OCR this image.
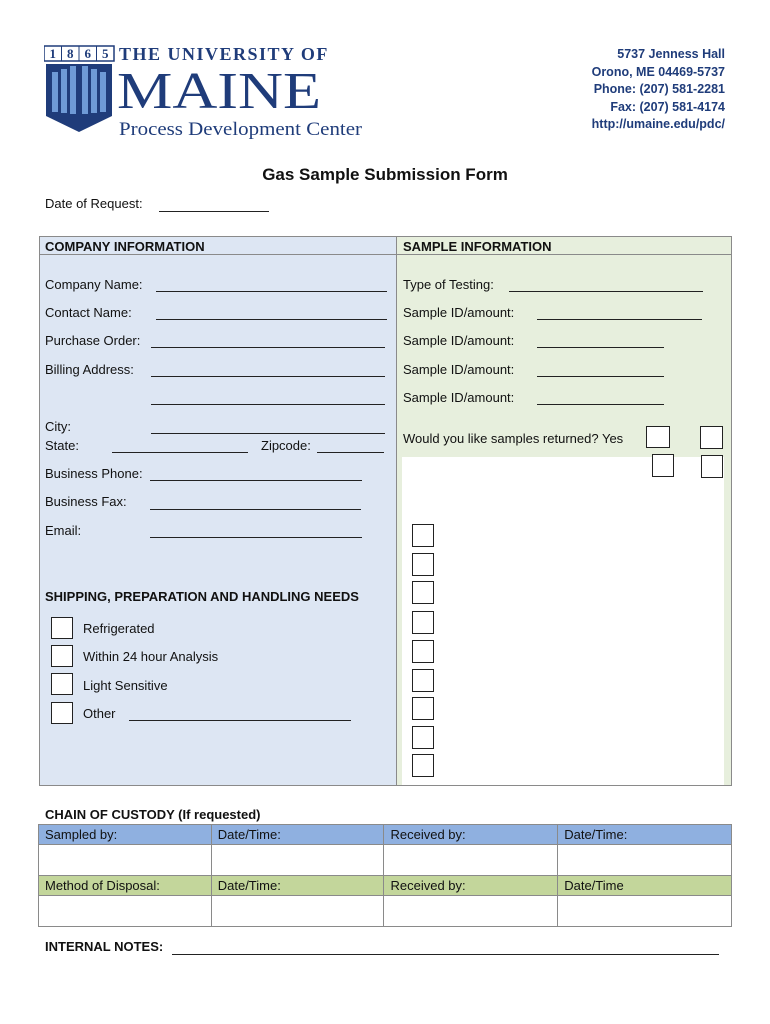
1 8 6 5 THE UNIVERSITY OF
MAINE
Process Development Center
5737 Jenness Hall
Orono, ME 04469-5737
Phone: (207) 581-2281
Fax: (207) 581-4174
http://umaine.edu/pdc/
Gas Sample Submission Form
Date of Request:
COMPANY INFORMATION	SAMPLE INFORMATION
Company Name:
Contact Name:
Purchase Order:
Billing Address:
City:
State:	Zipcode:
Business Phone:
Business Fax:
Email:
SHIPPING, PREPARATION AND HANDLING NEEDS
Refrigerated
Within 24 hour Analysis
Light Sensitive
Other
Type of Testing:
Sample ID/amount:
Sample ID/amount:
Sample ID/amount:
Sample ID/amount:
Would you like samples returned? Yes
CHAIN OF CUSTODY (If requested)
Sampled by:	Date/Time:	Received by:	Date/Time:

Method of Disposal:	Date/Time:	Received by:	Date/Time

INTERNAL NOTES:
